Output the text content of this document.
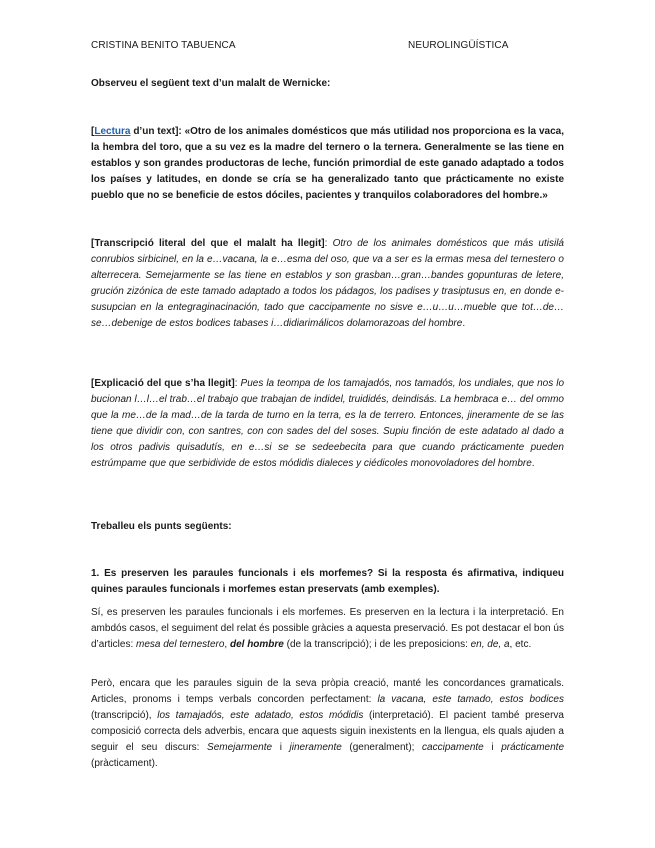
CRISTINA BENITO TABUENCA	NEUROLINGÜÍSTICA

Observeu el següent text d’un malalt de Wernicke:

[Lectura d’un text]: «Otro de los animales domésticos que más utilidad nos proporciona es la vaca, la hembra del toro, que a su vez es la madre del ternero o la ternera. Generalmente se las tiene en establos y son grandes productoras de leche, función primordial de este ganado adaptado a todos los países y latitudes, en donde se cría se ha generalizado tanto que prácticamente no existe pueblo que no se beneficie de estos dóciles, pacientes y tranquilos colaboradores del hombre.»

[Transcripció literal del que el malalt ha llegit]: Otro de los animales domésticos que más utisilá conrubios sirbicinel, en la e…vacana, la e…esma del oso, que va a ser es la ermas mesa del ternestero o alterrecera. Semejarmente se las tiene en establos y son grasban…gran…bandes gopunturas de letere, grución zizónica de este tamado adaptado a todos los pádagos, los padises y trasiptusus en, en donde e-susupcian en la entegraginacinación, tado que caccipamente no sisve e…u…u…mueble que tot…de…se…debenige de estos bodices tabases i…didiarimálicos dolamorazoas del hombre.

[Explicació del que s’ha llegit]: Pues la teompa de los tamajadós, nos tamadós, los undiales, que nos lo bucionan l…l…el trab…el trabajo que trabajan de indidel, truididés, deindisás. La hembraca e… del ommo que la me…de la mad…de la tarda de turno en la terra, es la de terrero. Entonces, jineramente de se las tiene que dividir con, con santres, con con sades del del soses. Supiu finción de este adatado al dado a los otros padivis quisadutís, en e…si se se sedeebecita para que cuando prácticamente pueden estrúmpame que que serbidivide de estos módidis dialeces y ciédicoles monovoladores del hombre.

Treballeu els punts següents:

1. Es preserven les paraules funcionals i els morfemes? Si la resposta és afirmativa, indiqueu quines paraules funcionals i morfemes estan preservats (amb exemples).

Sí, es preserven les paraules funcionals i els morfemes. Es preserven en la lectura i la interpretació. En ambdós casos, el seguiment del relat és possible gràcies a aquesta preservació. Es pot destacar el bon ús d’articles: mesa del ternestero, del hombre (de la transcripció); i de les preposicions: en, de, a, etc.

Però, encara que les paraules siguin de la seva pròpia creació, manté les concordances gramaticals. Articles, pronoms i temps verbals concorden perfectament: la vacana, este tamado, estos bodices (transcripció), los tamajadós, este adatado, estos módidis (interpretació). El pacient també preserva composició correcta dels adverbis, encara que aquests siguin inexistents en la llengua, els quals ajuden a seguir el seu discurs: Semejarmente i jineramente (generalment); caccipamente i prácticamente (pràcticament).
